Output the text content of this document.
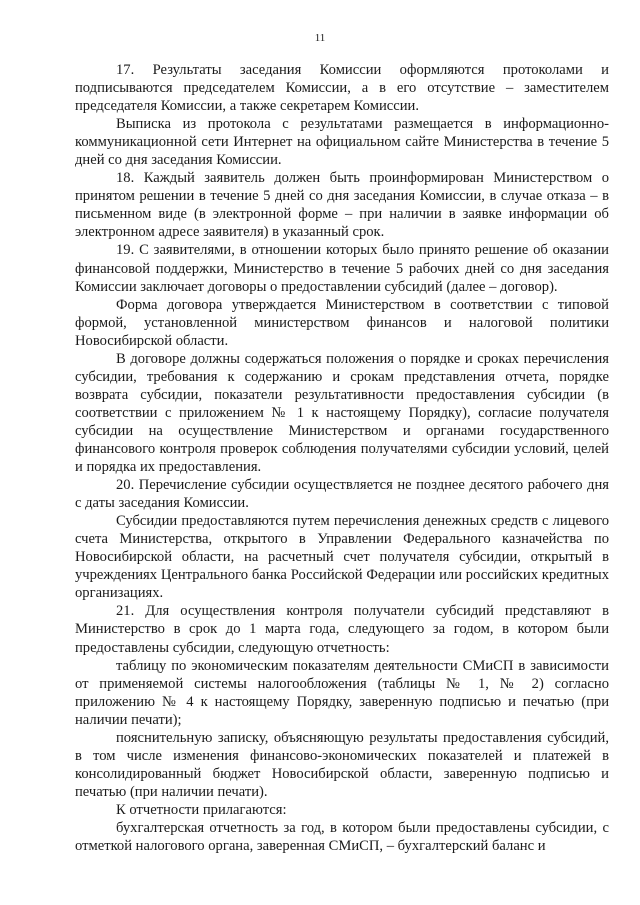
11

17. Результаты заседания Комиссии оформляются протоколами и подписываются председателем Комиссии, а в его отсутствие – заместителем председателя Комиссии, а также секретарем Комиссии.

Выписка из протокола с результатами размещается в информационно-коммуникационной сети Интернет на официальном сайте Министерства в течение 5 дней со дня заседания Комиссии.

18. Каждый заявитель должен быть проинформирован Министерством о принятом решении в течение 5 дней со дня заседания Комиссии, в случае отказа – в письменном виде (в электронной форме – при наличии в заявке информации об электронном адресе заявителя) в указанный срок.

19. С заявителями, в отношении которых было принято решение об оказании финансовой поддержки, Министерство в течение 5 рабочих дней со дня заседания Комиссии заключает договоры о предоставлении субсидий (далее – договор).

Форма договора утверждается Министерством в соответствии с типовой формой, установленной министерством финансов и налоговой политики Новосибирской области.

В договоре должны содержаться положения о порядке и сроках перечисления субсидии, требования к содержанию и срокам представления отчета, порядке возврата субсидии, показатели результативности предоставления субсидии (в соответствии с приложением № 1 к настоящему Порядку), согласие получателя субсидии на осуществление Министерством и органами государственного финансового контроля проверок соблюдения получателями субсидии условий, целей и порядка их предоставления.

20. Перечисление субсидии осуществляется не позднее десятого рабочего дня с даты заседания Комиссии.

Субсидии предоставляются путем перечисления денежных средств с лицевого счета Министерства, открытого в Управлении Федерального казначейства по Новосибирской области, на расчетный счет получателя субсидии, открытый в учреждениях Центрального банка Российской Федерации или российских кредитных организациях.

21. Для осуществления контроля получатели субсидий представляют в Министерство в срок до 1 марта года, следующего за годом, в котором были предоставлены субсидии, следующую отчетность:

таблицу по экономическим показателям деятельности СМиСП в зависимости от применяемой системы налогообложения (таблицы № 1, № 2) согласно приложению № 4 к настоящему Порядку, заверенную подписью и печатью (при наличии печати);

пояснительную записку, объясняющую результаты предоставления субсидий, в том числе изменения финансово-экономических показателей и платежей в консолидированный бюджет Новосибирской области, заверенную подписью и печатью (при наличии печати).

К отчетности прилагаются:

бухгалтерская отчетность за год, в котором были предоставлены субсидии, с отметкой налогового органа, заверенная СМиСП, – бухгалтерский баланс и
